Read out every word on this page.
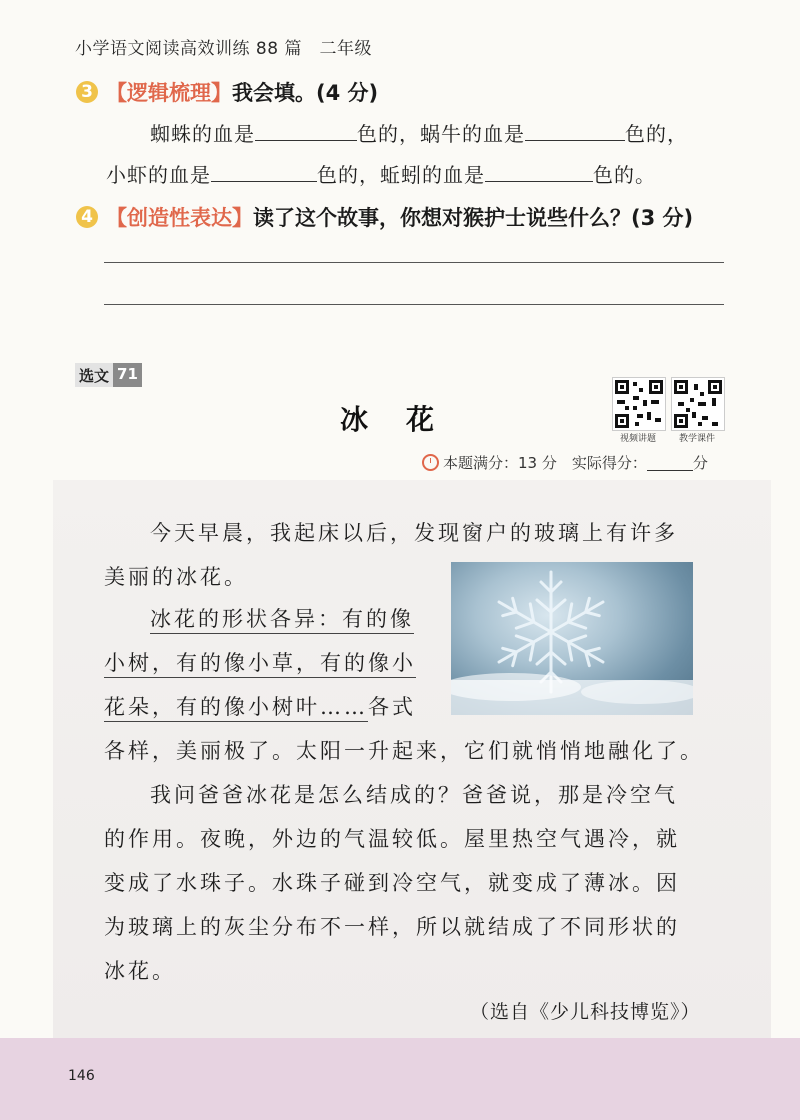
小学语文阅读高效训练 88 篇　二年级
3 【逻辑梳理】 我会填。(4 分)
蜘蛛的血是	色的，蜗牛的血是	色的，
小虾的血是	色的，蚯蚓的血是	色的。
4 【创造性表达】 读了这个故事，你想对猴护士说些什么？(3 分)
选文 71
冰花
视频讲题	教学课件
本题满分：13 分　实际得分：	分
今天早晨，我起床以后，发现窗户的玻璃上有许多
美丽的冰花。
冰花的形状各异：有的像
小树，有的像小草，有的像小
花朵，有的像小树叶……各式
各样，美丽极了。太阳一升起来，它们就悄悄地融化了。
我问爸爸冰花是怎么结成的？爸爸说，那是冷空气
的作用。夜晚，外边的气温较低。屋里热空气遇冷，就
变成了水珠子。水珠子碰到冷空气，就变成了薄冰。因
为玻璃上的灰尘分布不一样，所以就结成了不同形状的
冰花。
（选自《少儿科技博览》）
146
